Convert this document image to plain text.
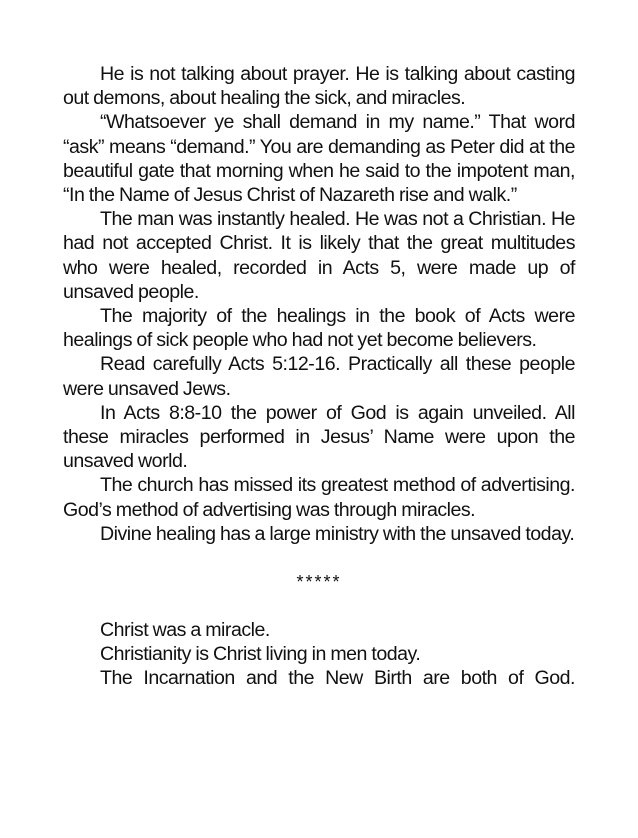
He is not talking about prayer. He is talking about casting out demons, about healing the sick, and miracles.

“Whatsoever ye shall demand in my name.” That word “ask” means “demand.” You are demanding as Peter did at the beautiful gate that morning when he said to the impotent man, “In the Name of Jesus Christ of Nazareth rise and walk.”

The man was instantly healed. He was not a Christian. He had not accepted Christ. It is likely that the great multitudes who were healed, recorded in Acts 5, were made up of unsaved people.

The majority of the healings in the book of Acts were healings of sick people who had not yet become believers.

Read carefully Acts 5:12-16. Practically all these people were unsaved Jews.

In Acts 8:8-10 the power of God is again unveiled. All these miracles performed in Jesus’ Name were upon the unsaved world.

The church has missed its greatest method of advertising. God’s method of advertising was through miracles.

Divine healing has a large ministry with the unsaved today.

*****

Christ was a miracle.

Christianity is Christ living in men today.

The Incarnation and the New Birth are both of God.
